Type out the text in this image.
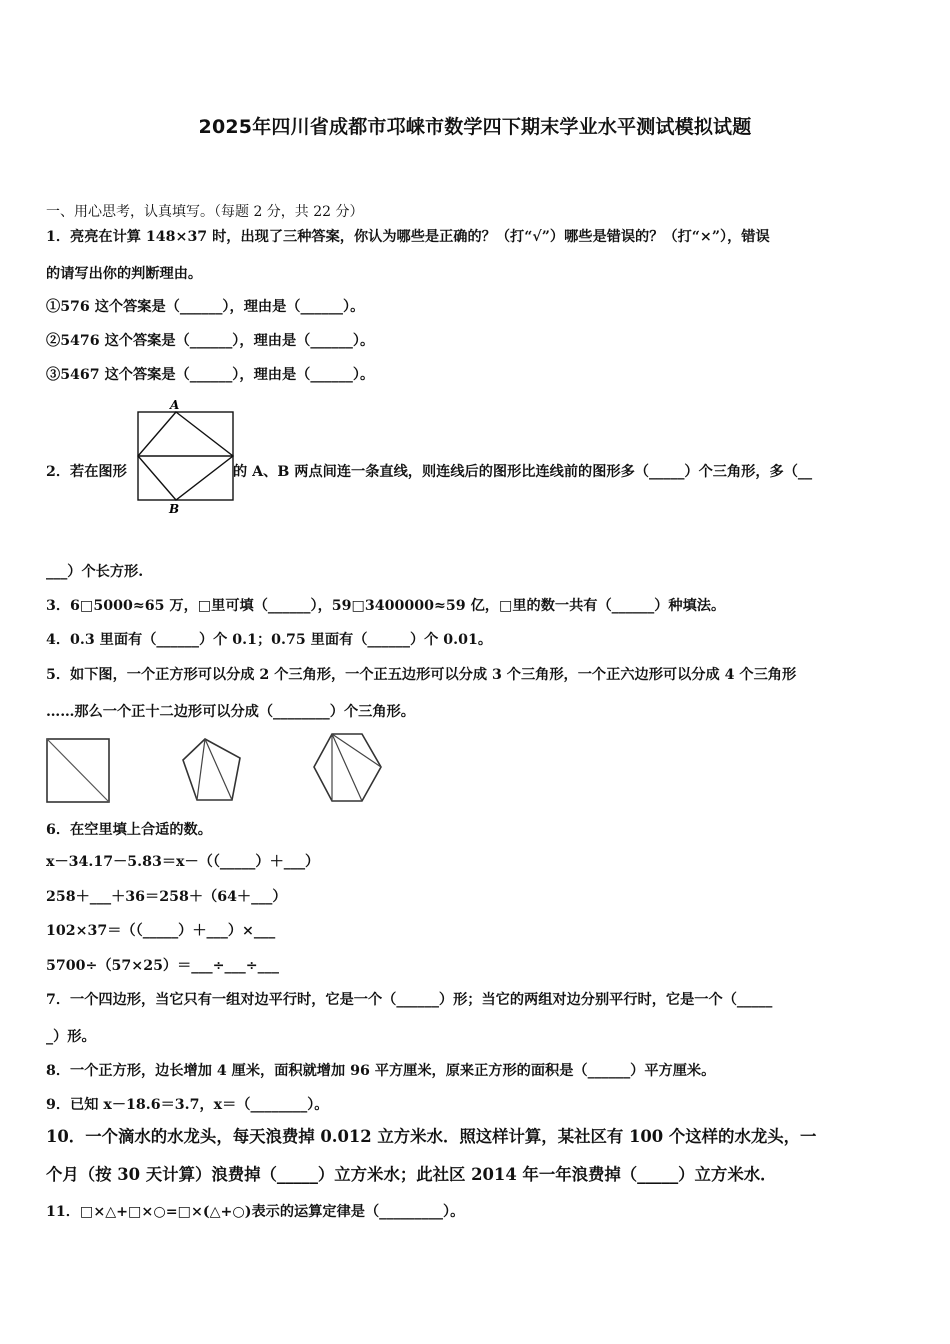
2025年四川省成都市邛崃市数学四下期末学业水平测试模拟试题
一、用心思考，认真填写。（每题 2 分，共 22 分）
1．亮亮在计算 148×37 时，出现了三种答案，你认为哪些是正确的？（打“√”）哪些是错误的？（打“×”），错误
的请写出你的判断理由。
①576 这个答案是（______），理由是（______）。
②5476 这个答案是（______），理由是（______）。
③5467 这个答案是（______），理由是（______）。
2．若在图形
A
B
的 A、B 两点间连一条直线，则连线后的图形比连线前的图形多（_____）个三角形，多（__
___）个长方形.
3．6□5000≈65 万，□里可填（______），59□3400000≈59 亿，□里的数一共有（______）种填法。
4．0.3 里面有（______）个 0.1；0.75 里面有（______）个 0.01。
5．如下图，一个正方形可以分成 2 个三角形，一个正五边形可以分成 3 个三角形，一个正六边形可以分成 4 个三角形
……那么一个正十二边形可以分成（________）个三角形。
6．在空里填上合适的数。
x－34.17－5.83＝x－（（_____）＋___）
258＋___＋36＝258＋（64＋___）
102×37＝（（_____）＋___）×___
5700÷（57×25）＝___÷___÷___
7．一个四边形，当它只有一组对边平行时，它是一个（______）形；当它的两组对边分别平行时，它是一个（_____
_）形。
8．一个正方形，边长增加 4 厘米，面积就增加 96 平方厘米，原来正方形的面积是（______）平方厘米。
9．已知 x－18.6＝3.7，x＝（________）。
10．一个滴水的水龙头，每天浪费掉 0.012 立方米水．照这样计算，某社区有 100 个这样的水龙头，一
个月（按 30 天计算）浪费掉（_____）立方米水；此社区 2014 年一年浪费掉（_____）立方米水．
11．□×△+□×○=□×(△+○)表示的运算定律是（_________）。
